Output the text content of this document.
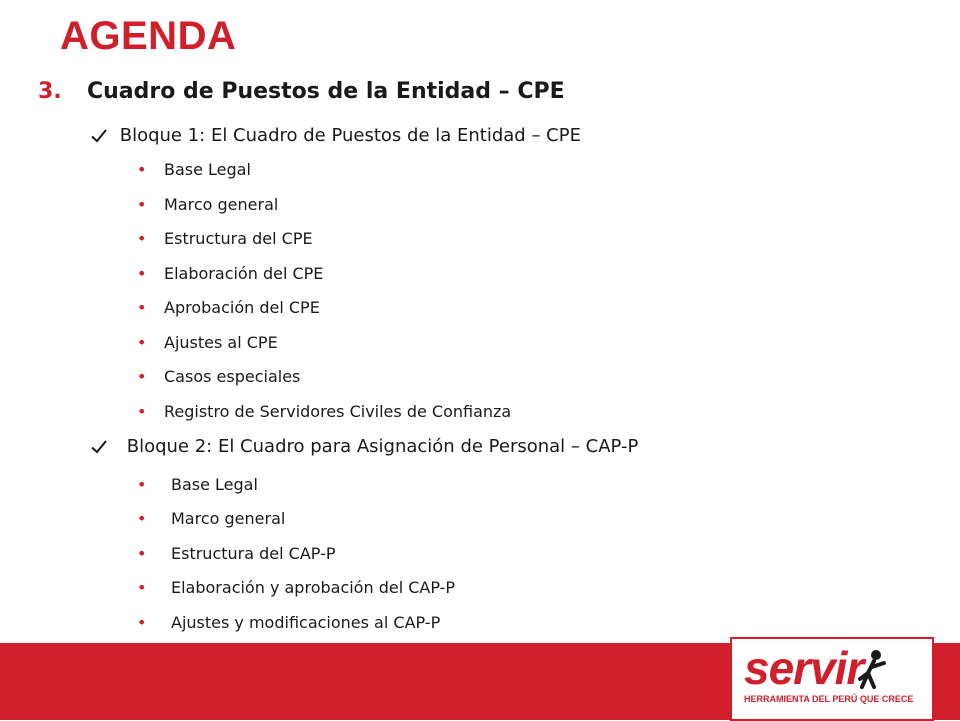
AGENDA
3. Cuadro de Puestos de la Entidad – CPE
Bloque 1: El Cuadro de Puestos de la Entidad – CPE
• Base Legal
• Marco general
• Estructura del CPE
• Elaboración del CPE
• Aprobación del CPE
• Ajustes al CPE
• Casos especiales
• Registro de Servidores Civiles de Confianza
Bloque 2: El Cuadro para Asignación de Personal – CAP-P
• Base Legal
• Marco general
• Estructura del CAP-P
• Elaboración y aprobación del CAP-P
• Ajustes y modificaciones al CAP-P
servir
HERRAMIENTA DEL PERÚ QUE CRECE
